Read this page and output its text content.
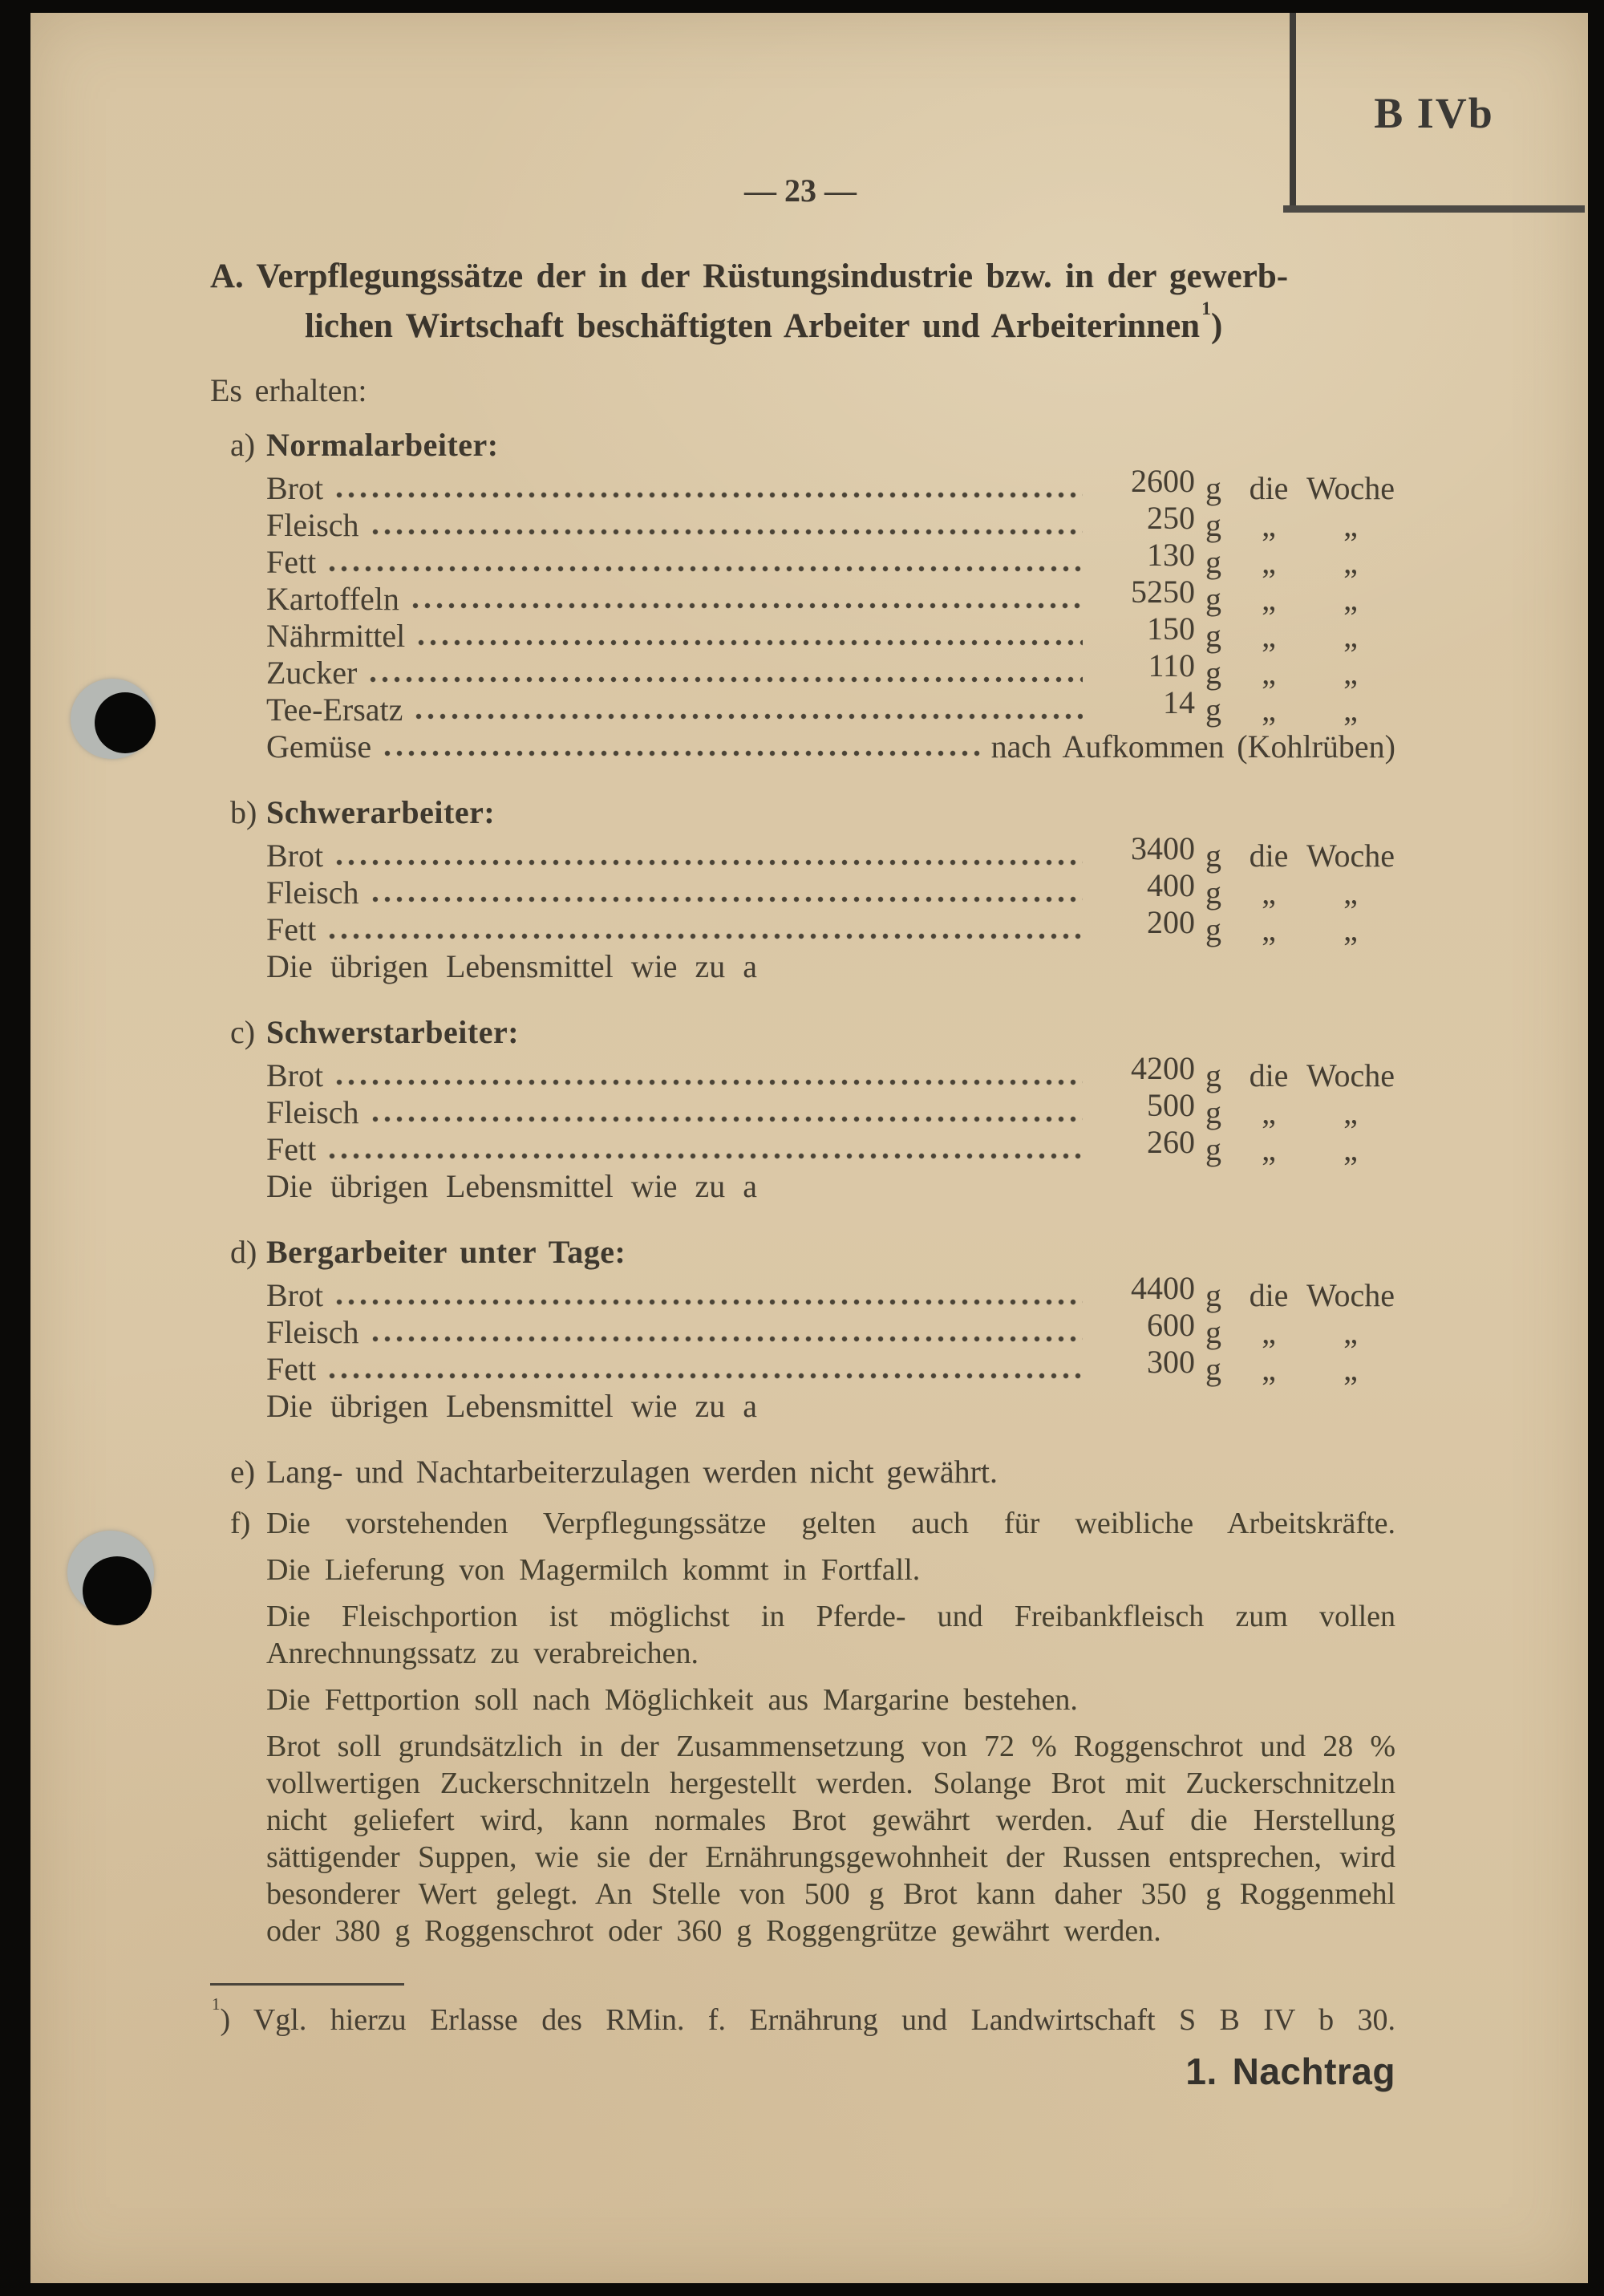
B IVb
— 23 —
A. Verpflegungssätze der in der Rüstungsindustrie bzw. in der gewerb-
lichen Wirtschaft beschäftigten Arbeiter und Arbeiterinnen$^1$)
Es erhalten:
a) Normalarbeiter:
Brot	2600 g die Woche
Fleisch	250 g	„	„
Fett	130 g	„	„
Kartoffeln	5250 g	„	„
Nährmittel	150 g	„	„
Zucker	110 g	„	„
Tee-Ersatz	14 g	„	„
Gemüse	nach Aufkommen (Kohlrüben)
b) Schwerarbeiter:
Brot	3400 g die Woche
Fleisch	400 g	„	„
Fett	200 g	„	„
Die übrigen Lebensmittel wie zu a
c) Schwerstarbeiter:
Brot	4200 g die Woche
Fleisch	500 g	„	„
Fett	260 g	„	„
Die übrigen Lebensmittel wie zu a
d) Bergarbeiter unter Tage:
Brot	4400 g die Woche
Fleisch	600 g	„	„
Fett	300 g	„	„
Die übrigen Lebensmittel wie zu a
e) Lang- und Nachtarbeiterzulagen werden nicht gewährt.
f) Die vorstehenden Verpflegungssätze gelten auch für weibliche Arbeitskräfte.
Die Lieferung von Magermilch kommt in Fortfall.
Die Fleischportion ist möglichst in Pferde- und Freibankfleisch zum vollen Anrechnungssatz zu verabreichen.
Die Fettportion soll nach Möglichkeit aus Margarine bestehen.
Brot soll grundsätzlich in der Zusammensetzung von 72 % Roggenschrot und 28 % vollwertigen Zuckerschnitzeln hergestellt werden. Solange Brot mit Zuckerschnitzeln nicht geliefert wird, kann normales Brot gewährt werden. Auf die Herstellung sättigender Suppen, wie sie der Ernährungsgewohnheit der Russen entsprechen, wird besonderer Wert gelegt. An Stelle von 500 g Brot kann daher 350 g Roggenmehl oder 380 g Roggenschrot oder 360 g Roggengrütze gewährt werden.
$^1$) Vgl. hierzu Erlasse des RMin. f. Ernährung und Landwirtschaft S B IV b 30.
1. Nachtrag
